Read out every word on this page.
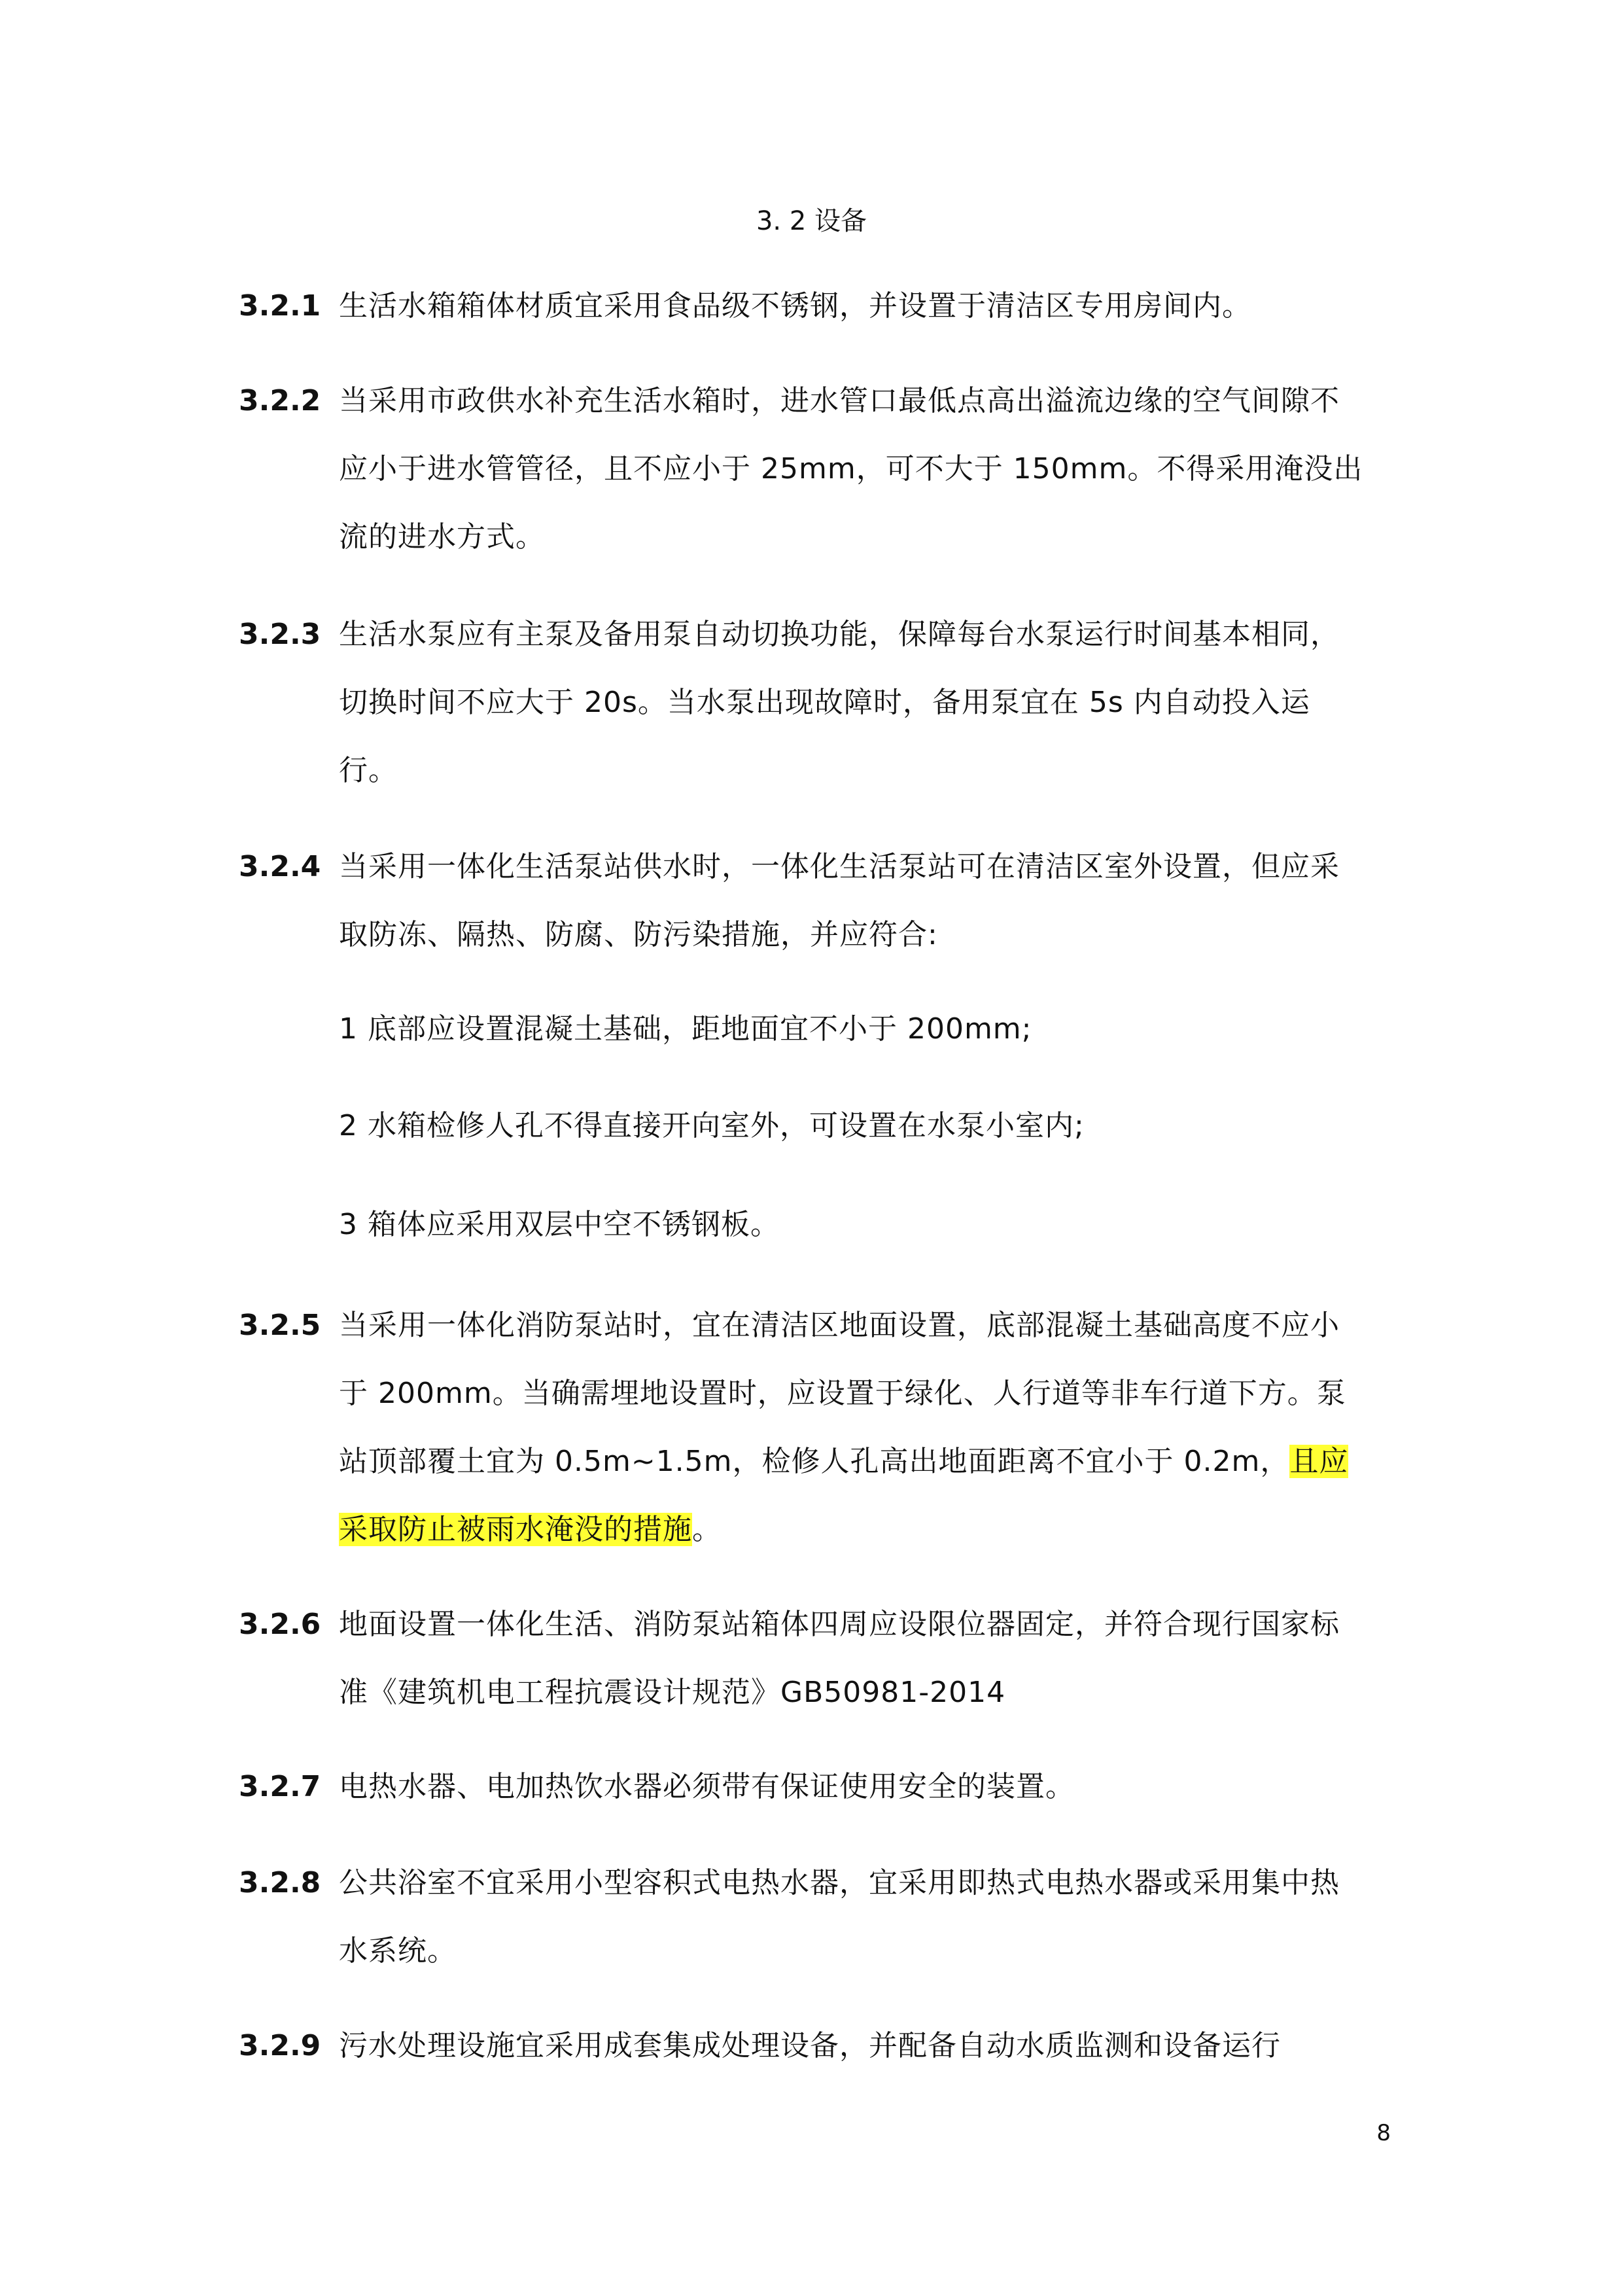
3. 2 设备
3.2.1 生活水箱箱体材质宜采用食品级不锈钢，并设置于清洁区专用房间内。
3.2.2 当采用市政供水补充生活水箱时，进水管口最低点高出溢流边缘的空气间隙不应小于进水管管径，且不应小于 25mm，可不大于 150mm。不得采用淹没出流的进水方式。
3.2.3 生活水泵应有主泵及备用泵自动切换功能，保障每台水泵运行时间基本相同，切换时间不应大于 20s。当水泵出现故障时，备用泵宜在 5s 内自动投入运行。
3.2.4 当采用一体化生活泵站供水时，一体化生活泵站可在清洁区室外设置，但应采取防冻、隔热、防腐、防污染措施，并应符合:
1 底部应设置混凝土基础，距地面宜不小于 200mm;
2 水箱检修人孔不得直接开向室外，可设置在水泵小室内;
3 箱体应采用双层中空不锈钢板。
3.2.5 当采用一体化消防泵站时，宜在清洁区地面设置，底部混凝土基础高度不应小于 200mm。当确需埋地设置时，应设置于绿化、人行道等非车行道下方。泵站顶部覆土宜为 0.5m~1.5m，检修人孔高出地面距离不宜小于 0.2m，且应采取防止被雨水淹没的措施。
3.2.6 地面设置一体化生活、消防泵站箱体四周应设限位器固定，并符合现行国家标准《建筑机电工程抗震设计规范》GB50981-2014
3.2.7 电热水器、电加热饮水器必须带有保证使用安全的装置。
3.2.8 公共浴室不宜采用小型容积式电热水器，宜采用即热式电热水器或采用集中热水系统。
3.2.9 污水处理设施宜采用成套集成处理设备，并配备自动水质监测和设备运行
8
